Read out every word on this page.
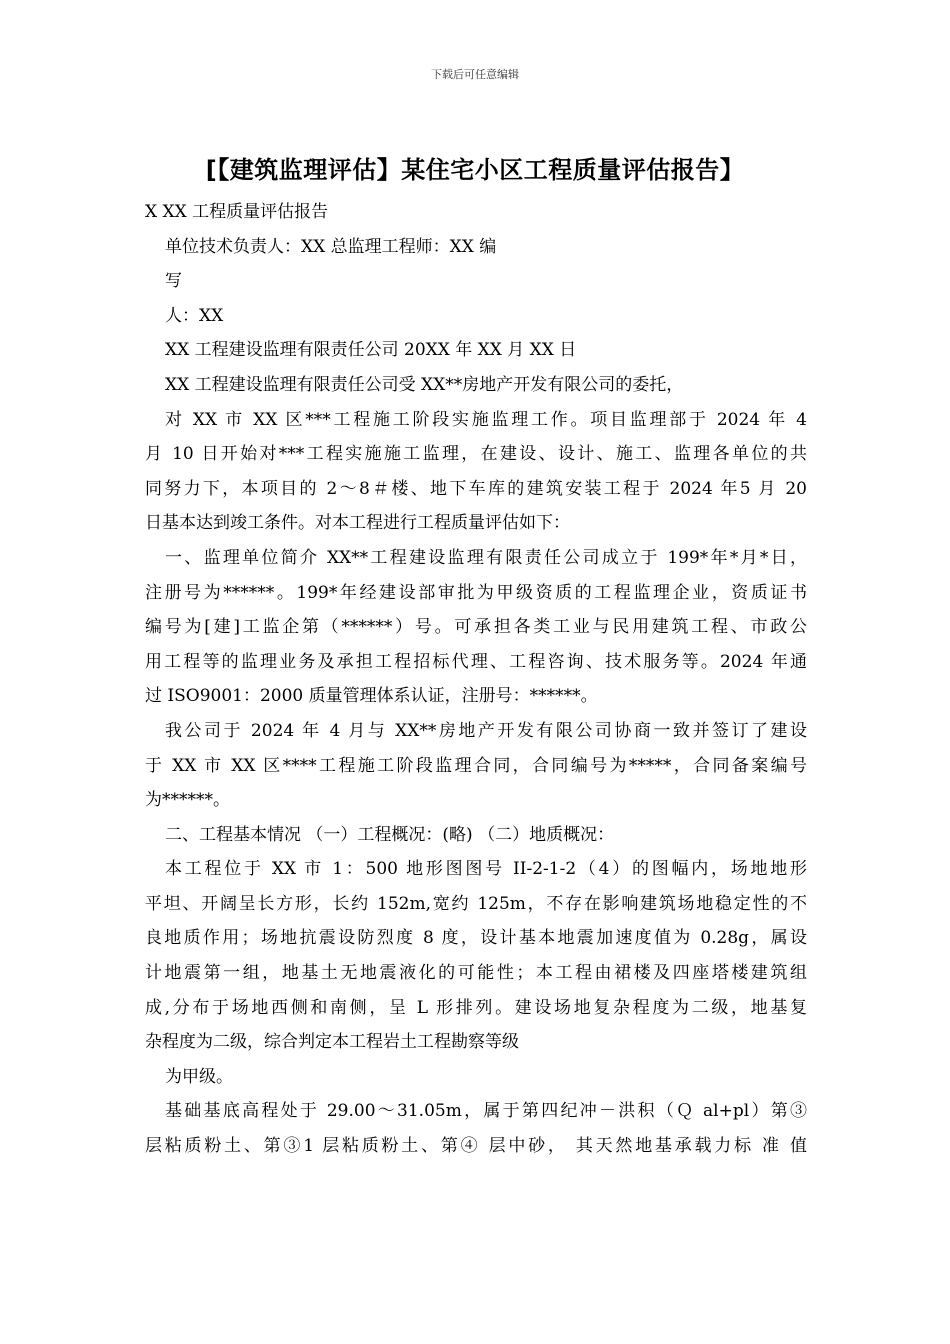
下载后可任意编辑
[【建筑监理评估】某住宅小区工程质量评估报告】
X XX 工程质量评估报告
单位技术负责人：XX 总监理工程师：XX 编
写
人：XX
XX 工程建设监理有限责任公司 20XX 年 XX 月 XX 日
XX 工程建设监理有限责任公司受 XX**房地产开发有限公司的委托，
对 XX 市 XX 区***工程施工阶段实施监理工作。项目监理部于 2024 年 4
月 10 日开始对***工程实施施工监理，在建设、设计、施工、监理各单位的共
同努力下，本项目的 2～8＃楼、地下车库的建筑安装工程于 2024 年5 月 20
日基本达到竣工条件。对本工程进行工程质量评估如下：
一、监理单位简介 XX**工程建设监理有限责任公司成立于 199*年*月*日，
注册号为******。199*年经建设部审批为甲级资质的工程监理企业，资质证书
编号为[建]工监企第（******）号。可承担各类工业与民用建筑工程、市政公
用工程等的监理业务及承担工程招标代理、工程咨询、技术服务等。2024 年通
过 ISO9001：2000 质量管理体系认证，注册号：******。
我公司于 2024 年 4 月与 XX**房地产开发有限公司协商一致并签订了建设
于 XX 市 XX 区****工程施工阶段监理合同，合同编号为*****，合同备案编号
为******。
二、工程基本情况 （一）工程概况：(略) （二）地质概况：
本工程位于 XX 市 1：500 地形图图号 II-2-1-2（4）的图幅内，场地地形
平坦、开阔呈长方形，长约 152m,宽约 125m，不存在影响建筑场地稳定性的不
良地质作用；场地抗震设防烈度 8 度，设计基本地震加速度值为 0.28g，属设
计地震第一组，地基土无地震液化的可能性；本工程由裙楼及四座塔楼建筑组
成,分布于场地西侧和南侧，呈 L 形排列。建设场地复杂程度为二级，地基复
杂程度为二级，综合判定本工程岩土工程勘察等级
为甲级。
基础基底高程处于 29.00～31.05m，属于第四纪冲－洪积（Ｑ al+pl）第③
层粘质粉土、第③1 层粘质粉土、第④ 层中砂， 其天然地基承载力标 准 值
